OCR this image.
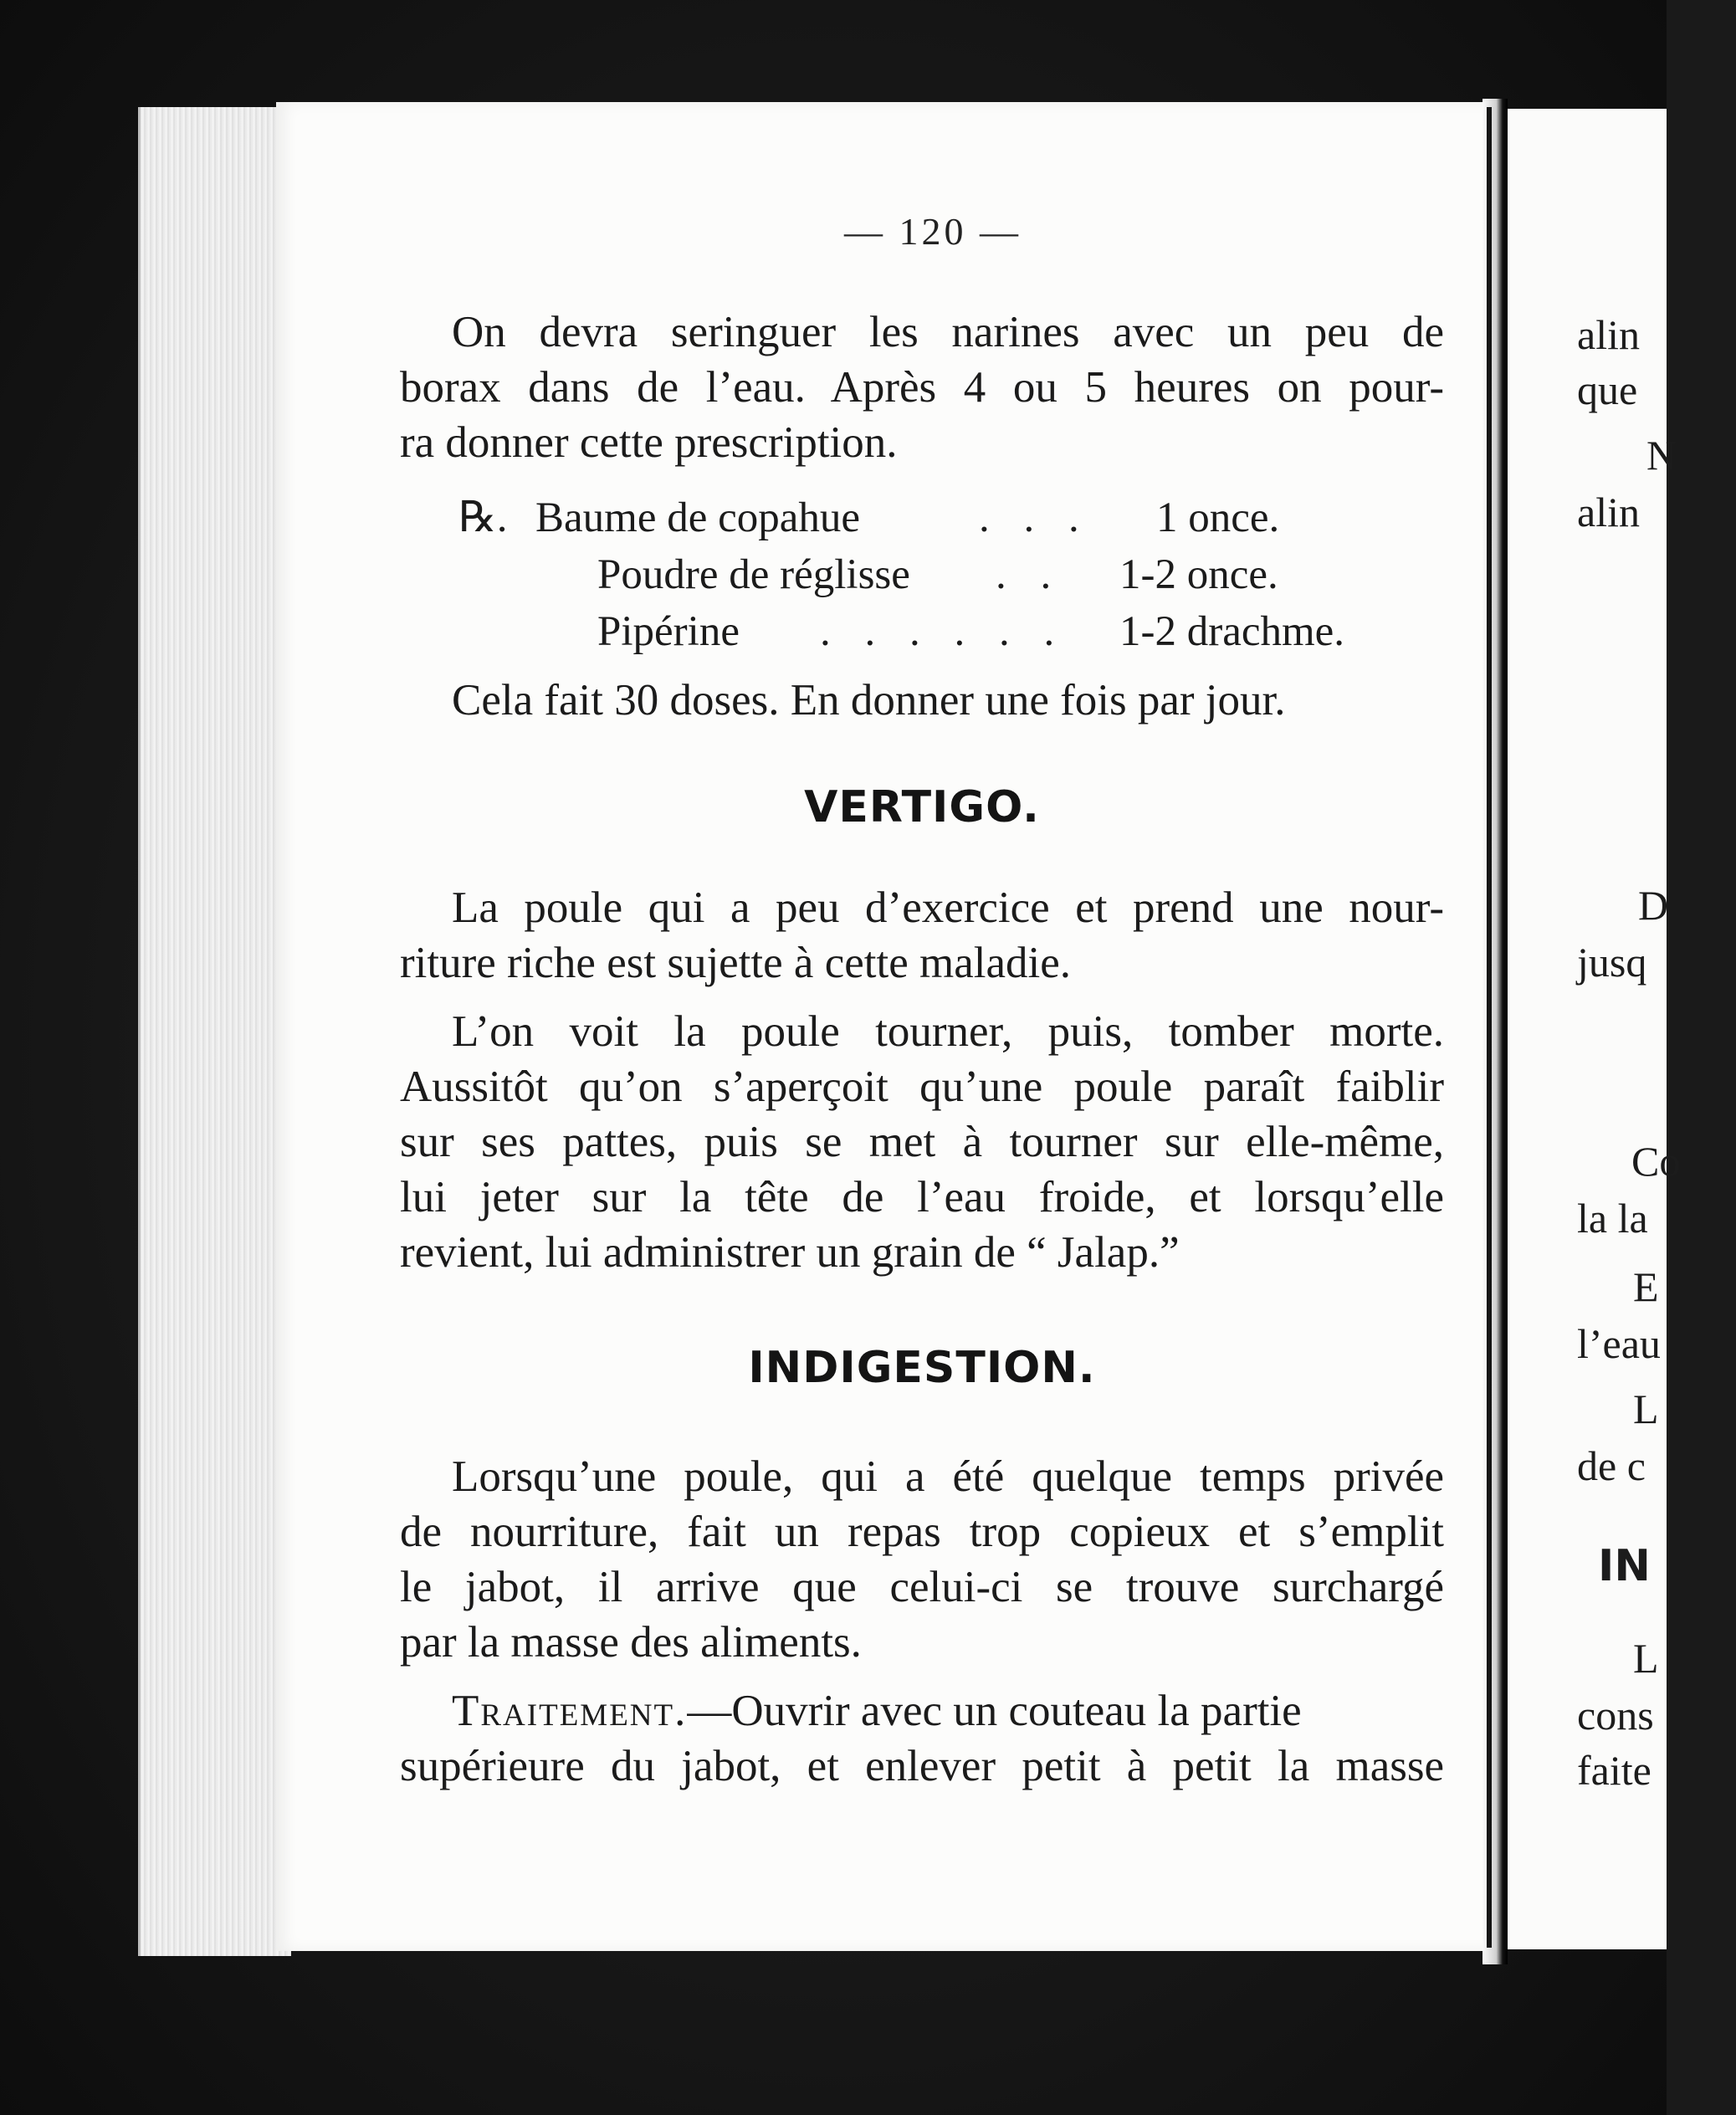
— 120 —
On devra seringuer les narines avec un peu de
borax dans de l’eau. Après 4 ou 5 heures on pour-
ra donner cette prescription.
℞. Baume de copahue	. . . 1 once.
Poudre de réglisse . . 1-2 once.
Pipérine . . . . . . 1-2 drachme.
Cela fait 30 doses. En donner une fois par jour.
VERTIGO.
La poule qui a peu d’exercice et prend une nour-
riture riche est sujette à cette maladie.
L’on voit la poule tourner, puis, tomber morte.
Aussitôt qu’on s’aperçoit qu’une poule paraît faiblir
sur ses pattes, puis se met à tourner sur elle-même,
lui jeter sur la tête de l’eau froide, et lorsqu’elle
revient, lui administrer un grain de “ Jalap.”
INDIGESTION.
Lorsqu’une poule, qui a été quelque temps privée
de nourriture, fait un repas trop copieux et s’emplit
le jabot, il arrive que celui-ci se trouve surchargé
par la masse des aliments.
Traitement.—Ouvrir avec un couteau la partie
supérieure du jabot, et enlever petit à petit la masse
alin
que
N
alin
D
jusq
Co
la la
E
l’eau
L
de c
IN
L
cons
faite
